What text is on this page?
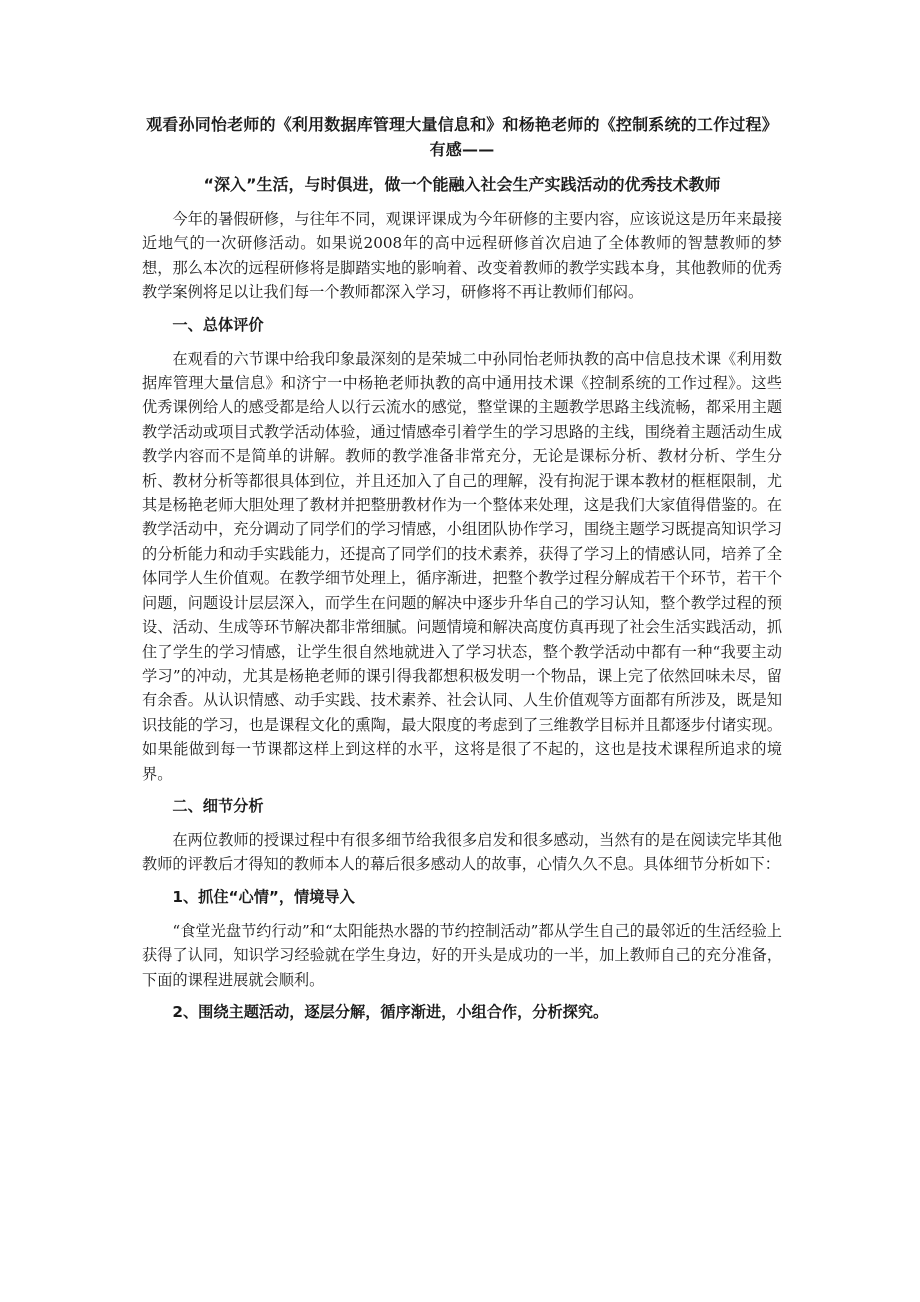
观看孙同怡老师的《利用数据库管理大量信息和》和杨艳老师的《控制系统的工作过程》有感——
“深入”生活，与时俱进，做一个能融入社会生产实践活动的优秀技术教师

今年的暑假研修，与往年不同，观课评课成为今年研修的主要内容，应该说这是历年来最接近地气的一次研修活动。如果说2008年的高中远程研修首次启迪了全体教师的智慧教师的梦想，那么本次的远程研修将是脚踏实地的影响着、改变着教师的教学实践本身，其他教师的优秀教学案例将足以让我们每一个教师都深入学习，研修将不再让教师们郁闷。

一、总体评价

在观看的六节课中给我印象最深刻的是荣城二中孙同怡老师执教的高中信息技术课《利用数据库管理大量信息》和济宁一中杨艳老师执教的高中通用技术课《控制系统的工作过程》。这些优秀课例给人的感受都是给人以行云流水的感觉，整堂课的主题教学思路主线流畅，都采用主题教学活动或项目式教学活动体验，通过情感牵引着学生的学习思路的主线，围绕着主题活动生成教学内容而不是简单的讲解。教师的教学准备非常充分，无论是课标分析、教材分析、学生分析、教材分析等都很具体到位，并且还加入了自己的理解，没有拘泥于课本教材的框框限制，尤其是杨艳老师大胆处理了教材并把整册教材作为一个整体来处理，这是我们大家值得借鉴的。在教学活动中，充分调动了同学们的学习情感，小组团队协作学习，围绕主题学习既提高知识学习的分析能力和动手实践能力，还提高了同学们的技术素养，获得了学习上的情感认同，培养了全体同学人生价值观。在教学细节处理上，循序渐进，把整个教学过程分解成若干个环节，若干个问题，问题设计层层深入，而学生在问题的解决中逐步升华自己的学习认知，整个教学过程的预设、活动、生成等环节解决都非常细腻。问题情境和解决高度仿真再现了社会生活实践活动，抓住了学生的学习情感，让学生很自然地就进入了学习状态，整个教学活动中都有一种“我要主动学习”的冲动，尤其是杨艳老师的课引得我都想积极发明一个物品，课上完了依然回味未尽，留有余香。从认识情感、动手实践、技术素养、社会认同、人生价值观等方面都有所涉及，既是知识技能的学习，也是课程文化的熏陶，最大限度的考虑到了三维教学目标并且都逐步付诸实现。如果能做到每一节课都这样上到这样的水平，这将是很了不起的，这也是技术课程所追求的境界。

二、细节分析

在两位教师的授课过程中有很多细节给我很多启发和很多感动，当然有的是在阅读完毕其他教师的评教后才得知的教师本人的幕后很多感动人的故事，心情久久不息。具体细节分析如下：

1、抓住“心情”，情境导入

“食堂光盘节约行动”和“太阳能热水器的节约控制活动”都从学生自己的最邻近的生活经验上获得了认同，知识学习经验就在学生身边，好的开头是成功的一半，加上教师自己的充分准备，下面的课程进展就会顺利。

2、围绕主题活动，逐层分解，循序渐进，小组合作，分析探究。
